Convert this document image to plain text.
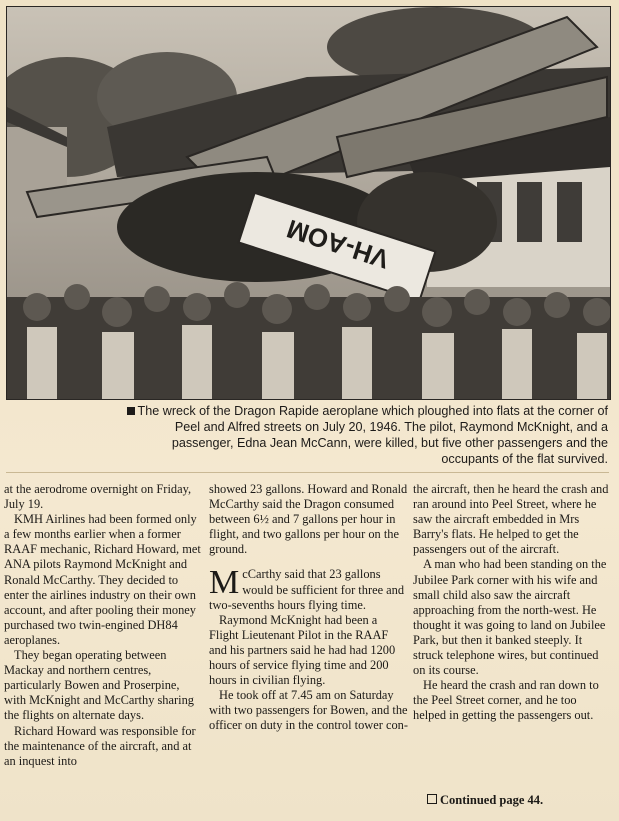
VH-AOM
The wreck of the Dragon Rapide aeroplane which ploughed into flats at the corner of Peel and Alfred streets on July 20, 1946. The pilot, Raymond McKnight, and a passenger, Edna Jean McCann, were killed, but five other passengers and the occupants of the flat survived.

at the aerodrome overnight on Friday, July 19.

KMH Airlines had been formed only a few months earlier when a former RAAF mechanic, Richard Howard, met ANA pilots Raymond McKnight and Ronald McCarthy. They decided to enter the airlines industry on their own account, and after pooling their money purchased two twin-engined DH84 aeroplanes.

They began operating between Mackay and northern centres, particularly Bowen and Proserpine, with McKnight and McCarthy sharing the flights on alternate days.

Richard Howard was responsible for the maintenance of the aircraft, and at an inquest into

showed 23 gallons. Howard and Ronald McCarthy said the Dragon consumed between 6½ and 7 gallons per hour in flight, and two gallons per hour on the ground.

McCarthy said that 23 gallons would be sufficient for three and two-sevenths hours flying time.

Raymond McKnight had been a Flight Lieutenant Pilot in the RAAF and his partners said he had had 1200 hours of service flying time and 200 hours in civilian flying.

He took off at 7.45 am on Saturday with two passengers for Bowen, and the officer on duty in the control tower con-

the aircraft, then he heard the crash and ran around into Peel Street, where he saw the aircraft embedded in Mrs Barry's flats. He helped to get the passengers out of the aircraft.

A man who had been standing on the Jubilee Park corner with his wife and small child also saw the aircraft approaching from the north-west. He thought it was going to land on Jubilee Park, but then it banked steeply. It struck telephone wires, but continued on its course.

He heard the crash and ran down to the Peel Street corner, and he too helped in getting the passengers out.

Continued page 44.
